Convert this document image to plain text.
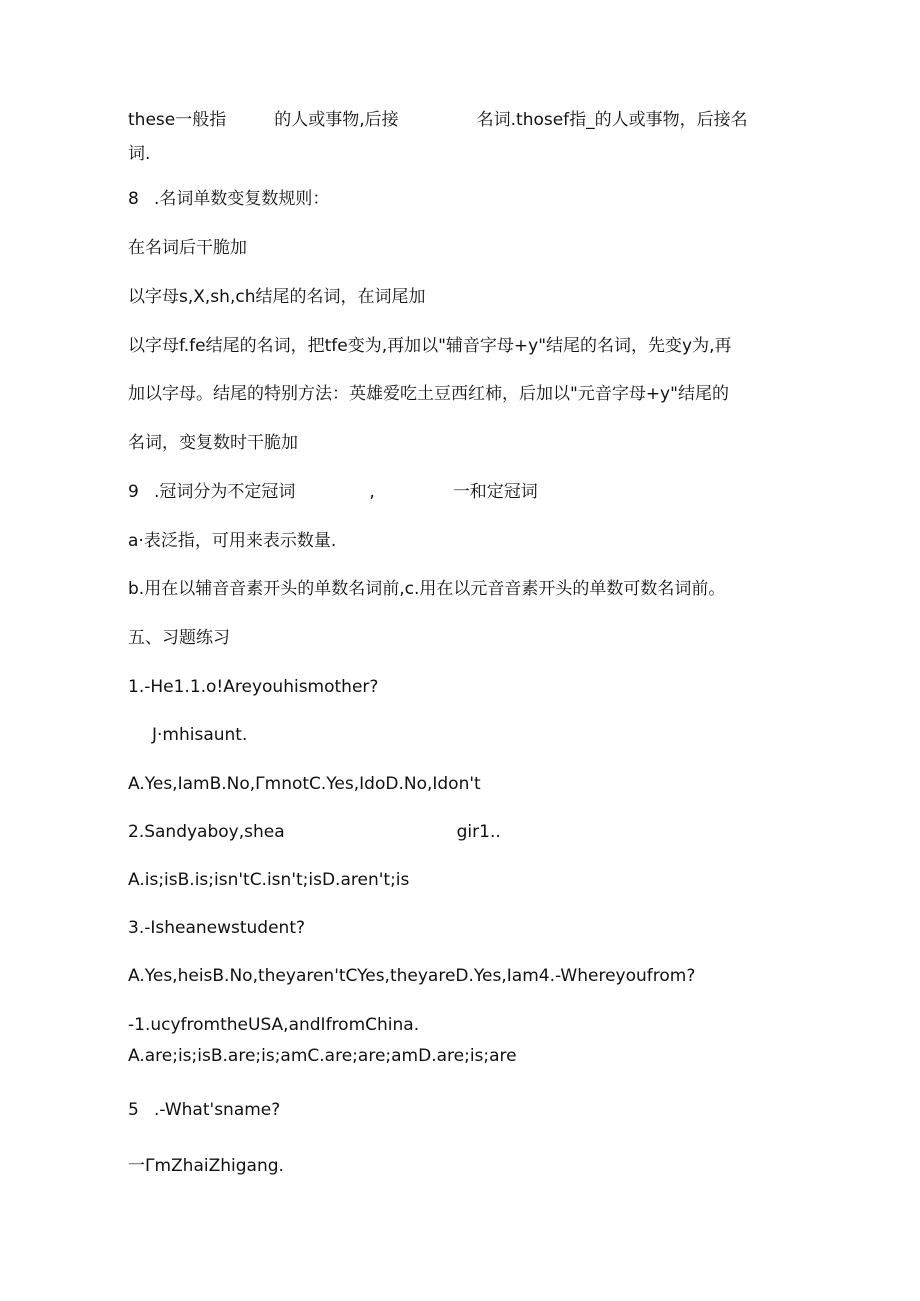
these一般指	的人或事物,后接	名词.thosef指_的人或事物，后接名
词.
8 .名词单数变复数规则：
在名词后干脆加
以字母s,X,sh,ch结尾的名词，在词尾加
以字母f.fe结尾的名词，把tfe变为,再加以"辅音字母+y"结尾的名词，先变y为,再
加以字母。结尾的特别方法：英雄爱吃土豆西红柿，后加以"元音字母+y"结尾的
名词，变复数时干脆加
9 .冠词分为不定冠词	,	一和定冠词
a·表泛指，可用来表示数量.
b.用在以辅音音素开头的单数名词前,c.用在以元音音素开头的单数可数名词前。
五、习题练习
1.-He1.1.o!Areyouhismother?
J·mhisaunt.
A.Yes,IamB.No,ΓmnotC.Yes,IdoD.No,Idon't
2.Sandyaboy,shea	gir1..
A.is;isB.is;isn'tC.isn't;isD.aren't;is
3.-Isheanewstudent?
A.Yes,heisB.No,theyaren'tCYes,theyareD.Yes,Iam4.-Whereyoufrom?
-1.ucyfromtheUSA,andIfromChina.
A.are;is;isB.are;is;amC.are;are;amD.are;is;are
5 .-What'sname?
一ΓmZhaiZhigang.
